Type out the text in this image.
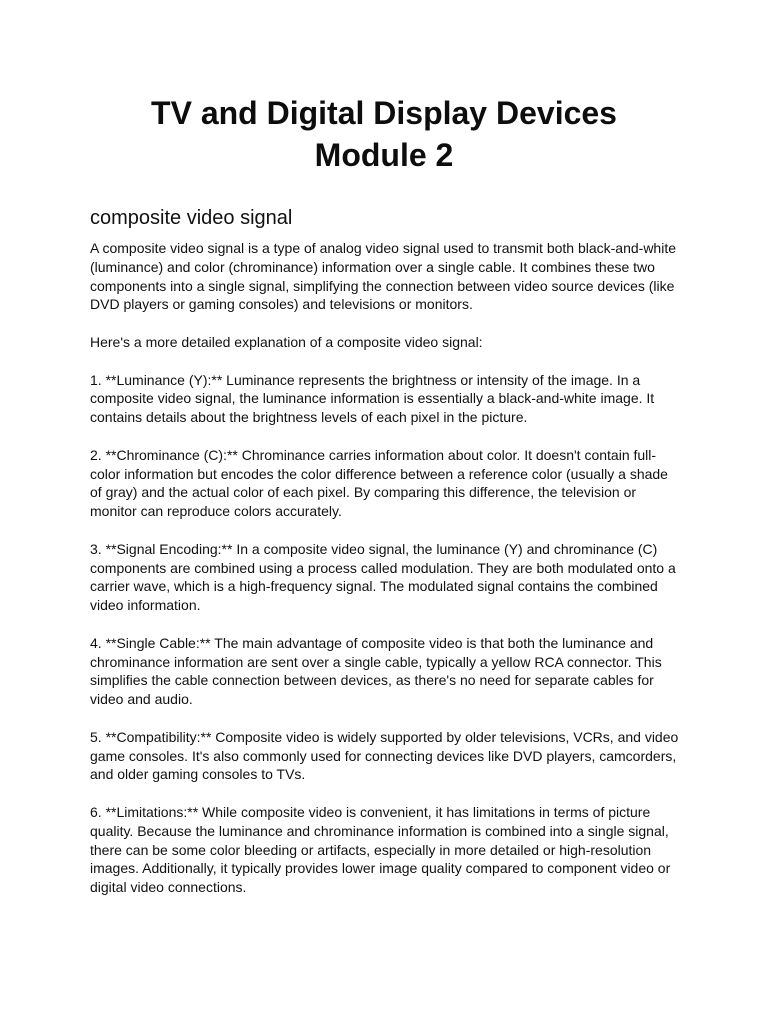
TV and Digital Display Devices
Module 2
composite video signal

A composite video signal is a type of analog video signal used to transmit both black-and-white (luminance) and color (chrominance) information over a single cable. It combines these two components into a single signal, simplifying the connection between video source devices (like DVD players or gaming consoles) and televisions or monitors.

Here's a more detailed explanation of a composite video signal:

1. **Luminance (Y):** Luminance represents the brightness or intensity of the image. In a composite video signal, the luminance information is essentially a black-and-white image. It contains details about the brightness levels of each pixel in the picture.

2. **Chrominance (C):** Chrominance carries information about color. It doesn't contain full-color information but encodes the color difference between a reference color (usually a shade of gray) and the actual color of each pixel. By comparing this difference, the television or monitor can reproduce colors accurately.

3. **Signal Encoding:** In a composite video signal, the luminance (Y) and chrominance (C) components are combined using a process called modulation. They are both modulated onto a carrier wave, which is a high-frequency signal. The modulated signal contains the combined video information.

4. **Single Cable:** The main advantage of composite video is that both the luminance and chrominance information are sent over a single cable, typically a yellow RCA connector. This simplifies the cable connection between devices, as there's no need for separate cables for video and audio.

5. **Compatibility:** Composite video is widely supported by older televisions, VCRs, and video game consoles. It's also commonly used for connecting devices like DVD players, camcorders, and older gaming consoles to TVs.

6. **Limitations:** While composite video is convenient, it has limitations in terms of picture quality. Because the luminance and chrominance information is combined into a single signal, there can be some color bleeding or artifacts, especially in more detailed or high-resolution images. Additionally, it typically provides lower image quality compared to component video or digital video connections.
